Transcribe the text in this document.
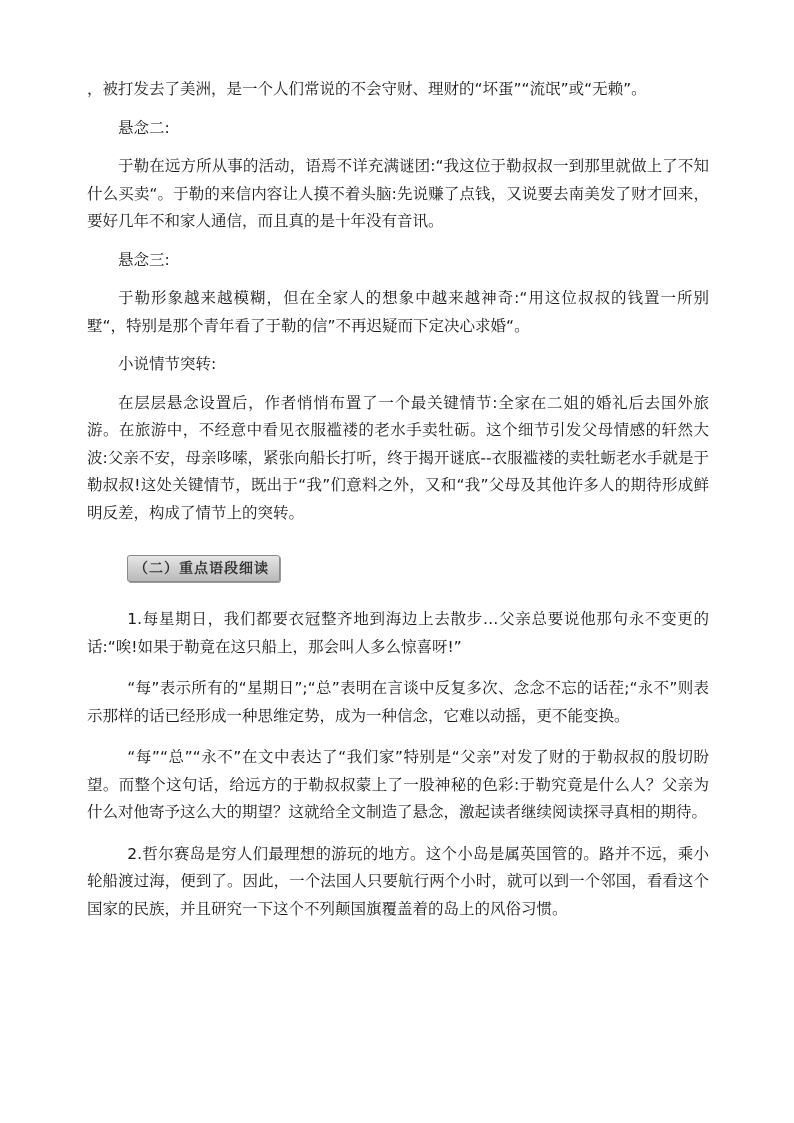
，被打发去了美洲，是一个人们常说的不会守财、理财的“坏蛋”“流氓”或“无赖”。

悬念二:

于勒在远方所从事的活动，语焉不详充满谜团:“我这位于勒叔叔一到那里就做上了不知什么买卖“。于勒的来信内容让人摸不着头脑:先说赚了点钱，又说要去南美发了财才回来，要好几年不和家人通信，而且真的是十年没有音讯。

悬念三:

于勒形象越来越模糊，但在全家人的想象中越来越神奇:“用这位叔叔的钱置一所别墅“，特别是那个青年看了于勒的信”不再迟疑而下定决心求婚“。

小说情节突转:

在层层悬念设置后，作者悄悄布置了一个最关键情节:全家在二姐的婚礼后去国外旅游。在旅游中，不经意中看见衣服褴褛的老水手卖牡砺。这个细节引发父母情感的轩然大波:父亲不安，母亲哆嗦，紧张向船长打听，终于揭开谜底--衣服褴褛的卖牡蛎老水手就是于勒叔叔!这处关键情节，既出于“我”们意料之外，又和“我”父母及其他许多人的期待形成鲜明反差，构成了情节上的突转。

（二）重点语段细读

1.每星期日，我们都要衣冠整齐地到海边上去散步…父亲总要说他那句永不变更的话:“唉!如果于勒竟在这只船上，那会叫人多么惊喜呀!”

“每”表示所有的“星期日”;“总”表明在言谈中反复多次、念念不忘的话茬;“永不”则表示那样的话已经形成一种思维定势，成为一种信念，它难以动摇，更不能变换。

“每”“总”“永不”在文中表达了“我们家”特别是“父亲”对发了财的于勒叔叔的殷切盼望。而整个这句话，给远方的于勒叔叔蒙上了一股神秘的色彩:于勒究竟是什么人？父亲为什么对他寄予这么大的期望？这就给全文制造了悬念，激起读者继续阅读探寻真相的期待。

2.哲尔赛岛是穷人们最理想的游玩的地方。这个小岛是属英国管的。路并不远，乘小轮船渡过海，便到了。因此，一个法国人只要航行两个小时，就可以到一个邻国，看看这个国家的民族，并且研究一下这个不列颠国旗覆盖着的岛上的风俗习惯。
